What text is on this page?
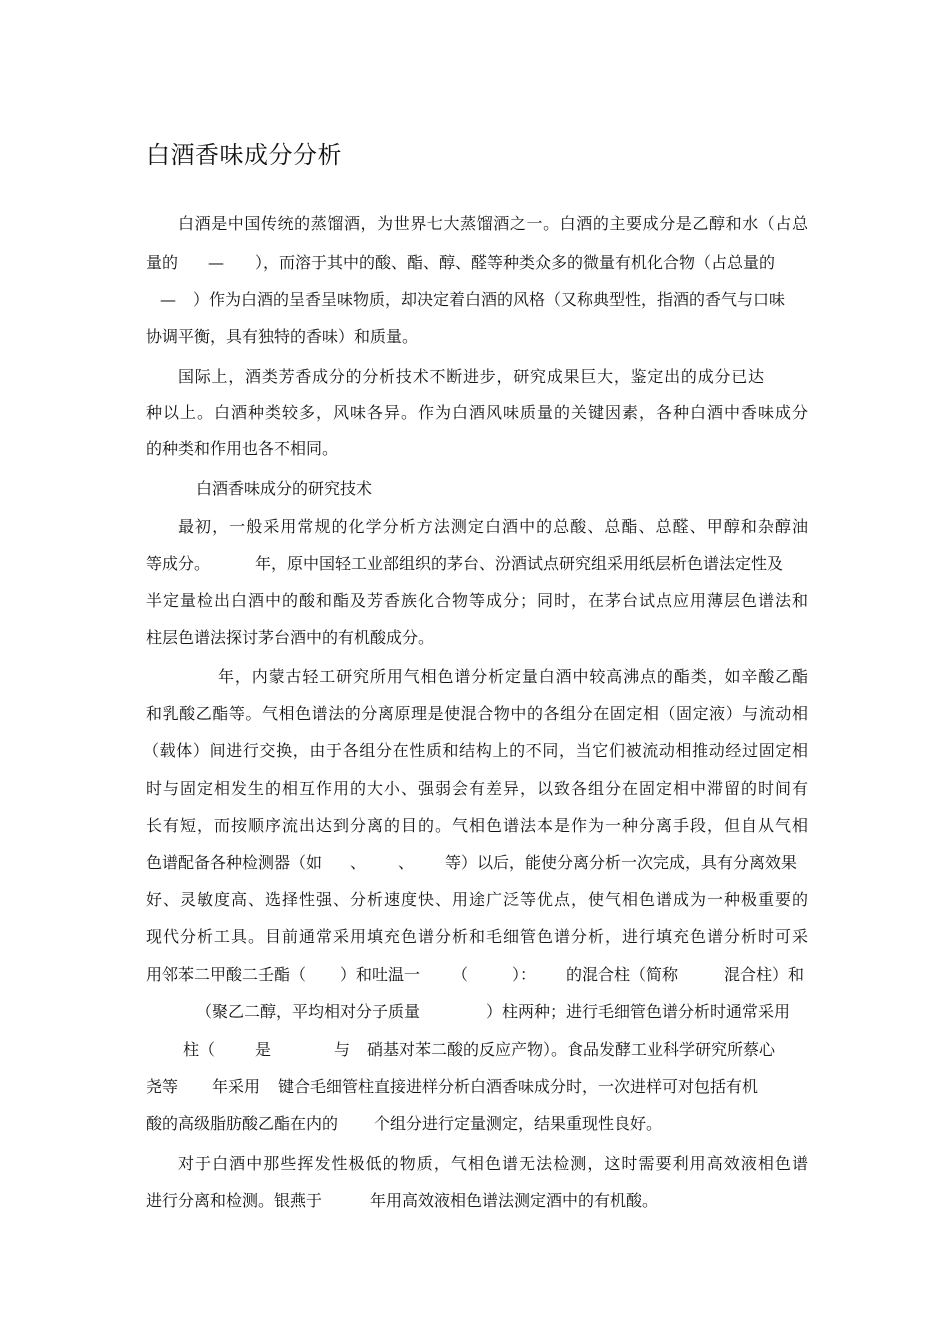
白酒香味成分分析
白酒是中国传统的蒸馏酒，为世界七大蒸馏酒之一。白酒的主要成分是乙醇和水（占总
量的 — ），而溶于其中的酸、酯、醇、醛等种类众多的微量有机化合物（占总量的
— ）作为白酒的呈香呈味物质，却决定着白酒的风格（又称典型性，指酒的香气与口味
协调平衡，具有独特的香味）和质量。
国际上，酒类芳香成分的分析技术不断进步，研究成果巨大，鉴定出的成分已达
种以上。白酒种类较多，风味各异。作为白酒风味质量的关键因素，各种白酒中香味成分
的种类和作用也各不相同。
白酒香味成分的研究技术
最初，一般采用常规的化学分析方法测定白酒中的总酸、总酯、总醛、甲醇和杂醇油
等成分。	年，原中国轻工业部组织的茅台、汾酒试点研究组采用纸层析色谱法定性及
半定量检出白酒中的酸和酯及芳香族化合物等成分；同时，在茅台试点应用薄层色谱法和
柱层色谱法探讨茅台酒中的有机酸成分。
年，内蒙古轻工研究所用气相色谱分析定量白酒中较高沸点的酯类，如辛酸乙酯
和乳酸乙酯等。气相色谱法的分离原理是使混合物中的各组分在固定相（固定液）与流动相
（载体）间进行交换，由于各组分在性质和结构上的不同，当它们被流动相推动经过固定相
时与固定相发生的相互作用的大小、强弱会有差异，以致各组分在固定相中滞留的时间有
长有短，而按顺序流出达到分离的目的。气相色谱法本是作为一种分离手段，但自从气相
色谱配备各种检测器（如 、 、 等）以后，能使分离分析一次完成，具有分离效果
好、灵敏度高、选择性强、分析速度快、用途广泛等优点，使气相色谱成为一种极重要的
现代分析工具。目前通常采用填充色谱分析和毛细管色谱分析，进行填充色谱分析时可采
用邻苯二甲酸二壬酯（ ）和吐温一 （	）： 的混合柱（简称	混合柱）和
（聚乙二醇，平均相对分子质量	）柱两种；进行毛细管色谱分析时通常采用
柱（ 是	与 硝基对苯二酸的反应产物）。食品发酵工业科学研究所蔡心
尧等 年采用 键合毛细管柱直接进样分析白酒香味成分时，一次进样可对包括有机
酸的高级脂肪酸乙酯在内的 个组分进行定量测定，结果重现性良好。
对于白酒中那些挥发性极低的物质，气相色谱无法检测，这时需要利用高效液相色谱
进行分离和检测。银燕于	年用高效液相色谱法测定酒中的有机酸。
